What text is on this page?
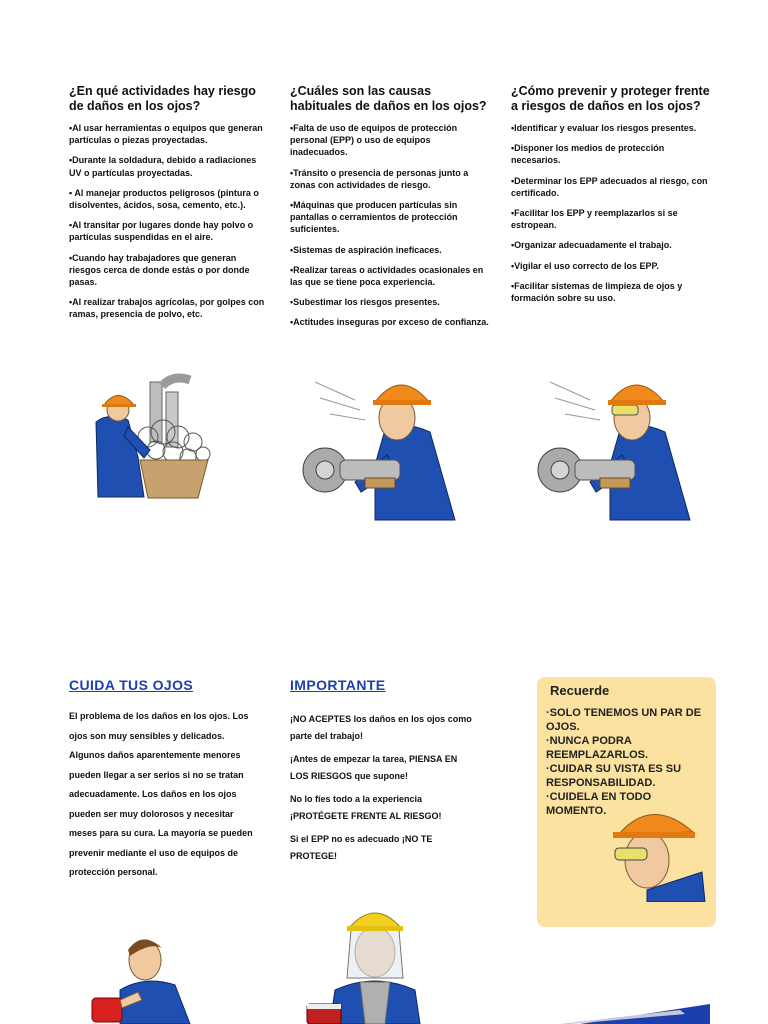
¿En qué actividades hay riesgo de daños en los ojos?
• Al usar herramientas o equipos que generan partículas o piezas proyectadas.
• Durante la soldadura, debido a radiaciones UV o partículas proyectadas.
• Al manejar productos peligrosos (pintura o disolventes, ácidos, sosa, cemento, etc.).
• Al transitar por lugares donde hay polvo o partículas suspendidas en el aire.
• Cuando hay trabajadores que generan riesgos cerca de donde estás o por donde pasas.
• Al realizar trabajos agrícolas, por golpes con ramas, presencia de polvo, etc.
¿Cuáles son las causas habituales de daños en los ojos?
• Falta de uso de equipos de protección personal (EPP) o uso de equipos inadecuados.
• Tránsito o presencia de personas junto a zonas con actividades de riesgo.
• Máquinas que producen partículas sin pantallas o cerramientos de protección suficientes.
• Sistemas de aspiración ineficaces.
• Realizar tareas o actividades ocasionales en las que se tiene poca experiencia.
• Subestimar los riesgos presentes.
• Actitudes inseguras por exceso de confianza.
¿Cómo prevenir y proteger frente a riesgos de daños en los ojos?
• Identificar y evaluar los riesgos presentes.
• Disponer los medios de protección necesarios.
• Determinar los EPP adecuados al riesgo, con certificado.
• Facilitar los EPP y reemplazarlos si se estropean.
• Organizar adecuadamente el trabajo.
• Vigilar el uso correcto de los EPP.
• Facilitar sistemas de limpieza de ojos y formación sobre su uso.
CUIDA TUS OJOS

El problema de los daños en los ojos. Los

ojos son muy sensibles y delicados.

Algunos daños aparentemente menores

pueden llegar a ser serios si no se tratan

adecuadamente. Los daños en los ojos

pueden ser muy dolorosos y necesitar

meses para su cura. La mayoría se pueden

prevenir mediante el uso de equipos de

protección personal.

IMPORTANTE

¡NO ACEPTES los daños en los ojos como parte del trabajo!

¡Antes de empezar la tarea, PIENSA EN LOS RIESGOS que supone!

No lo fíes todo a la experiencia ¡PROTÉGETE FRENTE AL RIESGO!

Si el EPP no es adecuado ¡NO TE PROTEGE!

Recuerde
· SOLO TENEMOS UN PAR DE OJOS.
· NUNCA PODRA REEMPLAZARLOS.
· CUIDAR SU VISTA ES SU RESPONSABILIDAD.
· CUIDELA EN TODO MOMENTO.
